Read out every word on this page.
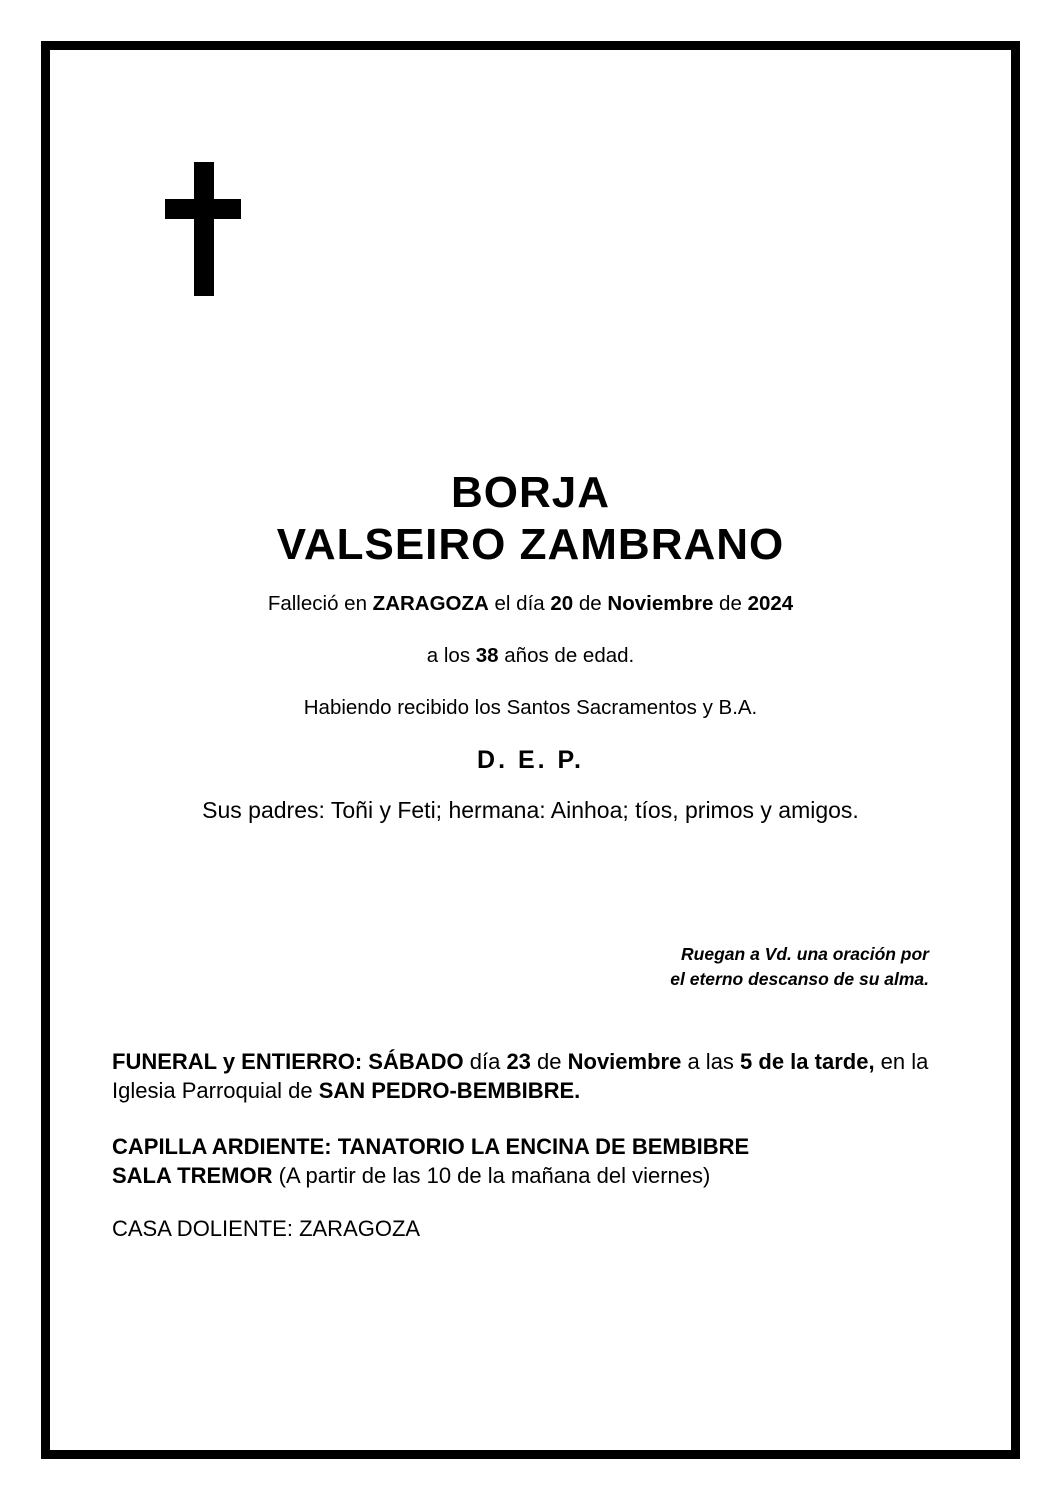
BORJA
VALSEIRO ZAMBRANO
Falleció en ZARAGOZA el día 20 de Noviembre de 2024
a los 38 años de edad.
Habiendo recibido los Santos Sacramentos y B.A.
D. E. P.
Sus padres: Toñi y Feti; hermana: Ainhoa; tíos, primos y amigos.
Ruegan a Vd. una oración por
el eterno descanso de su alma.
FUNERAL y ENTIERRO: SÁBADO día 23 de Noviembre a las 5 de la tarde, en la Iglesia Parroquial de SAN PEDRO-BEMBIBRE.
CAPILLA ARDIENTE: TANATORIO LA ENCINA DE BEMBIBRE
SALA TREMOR (A partir de las 10 de la mañana del viernes)
CASA DOLIENTE: ZARAGOZA
